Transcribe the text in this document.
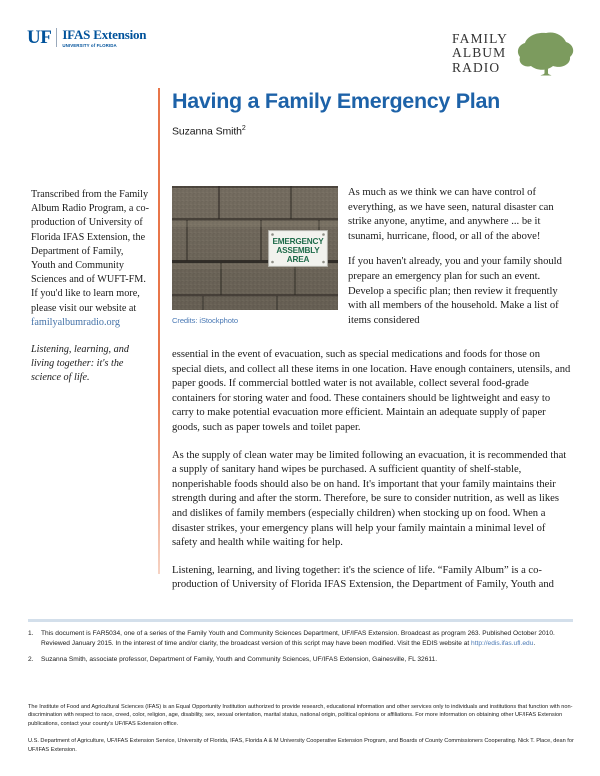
UF IFAS Extension
UNIVERSITY of FLORIDA	FAMILY
ALBUM
RADIO
Having a Family Emergency Plan

Suzanna Smith$^2$

Transcribed from the Family Album Radio Program, a co-production of University of Florida IFAS Extension, the Department of Family, Youth and Community Sciences and of WUFT-FM. If you'd like to learn more, please visit our website at familyalbumradio.org

Listening, learning, and living together: it's the science of life.

EMERGENCY
ASSEMBLY
AREA
Credits: iStockphoto

As much as we think we can have control of everything, as we have seen, natural disaster can strike anyone, anytime, and anywhere ... be it tsunami, hurricane, flood, or all of the above!

If you haven't already, you and your family should prepare an emergency plan for such an event. Develop a specific plan; then review it frequently with all members of the household. Make a list of items considered

essential in the event of evacuation, such as special medications and foods for those on special diets, and collect all these items in one location. Have enough containers, utensils, and paper goods. If commercial bottled water is not available, collect several food-grade containers for storing water and food. These containers should be lightweight and easy to carry to make potential evacuation more efficient. Maintain an adequate supply of paper goods, such as paper towels and toilet paper.

As the supply of clean water may be limited following an evacuation, it is recommended that a supply of sanitary hand wipes be purchased. A sufficient quantity of shelf-stable, nonperishable foods should also be on hand. It's important that your family maintains their strength during and after the storm. Therefore, be sure to consider nutrition, as well as likes and dislikes of family members (especially children) when stocking up on food. When a disaster strikes, your emergency plans will help your family maintain a minimal level of safety and health while waiting for help.

Listening, learning, and living together: it's the science of life. “Family Album” is a co-production of University of Florida IFAS Extension, the Department of Family, Youth and

1.	This document is FAR5034, one of a series of the Family Youth and Community Sciences Department, UF/IFAS Extension. Broadcast as program 263. Published October 2010. Reviewed January 2015. In the interest of time and/or clarity, the broadcast version of this script may have been modified. Visit the EDIS website at http://edis.ifas.ufl.edu.
2.	Suzanna Smith, associate professor, Department of Family, Youth and Community Sciences, UF/IFAS Extension, Gainesville, FL 32611.

The Institute of Food and Agricultural Sciences (IFAS) is an Equal Opportunity Institution authorized to provide research, educational information and other services only to individuals and institutions that function with non-discrimination with respect to race, creed, color, religion, age, disability, sex, sexual orientation, marital status, national origin, political opinions or affiliations. For more information on obtaining other UF/IFAS Extension publications, contact your county's UF/IFAS Extension office.

U.S. Department of Agriculture, UF/IFAS Extension Service, University of Florida, IFAS, Florida A & M University Cooperative Extension Program, and Boards of County Commissioners Cooperating. Nick T. Place, dean for UF/IFAS Extension.
